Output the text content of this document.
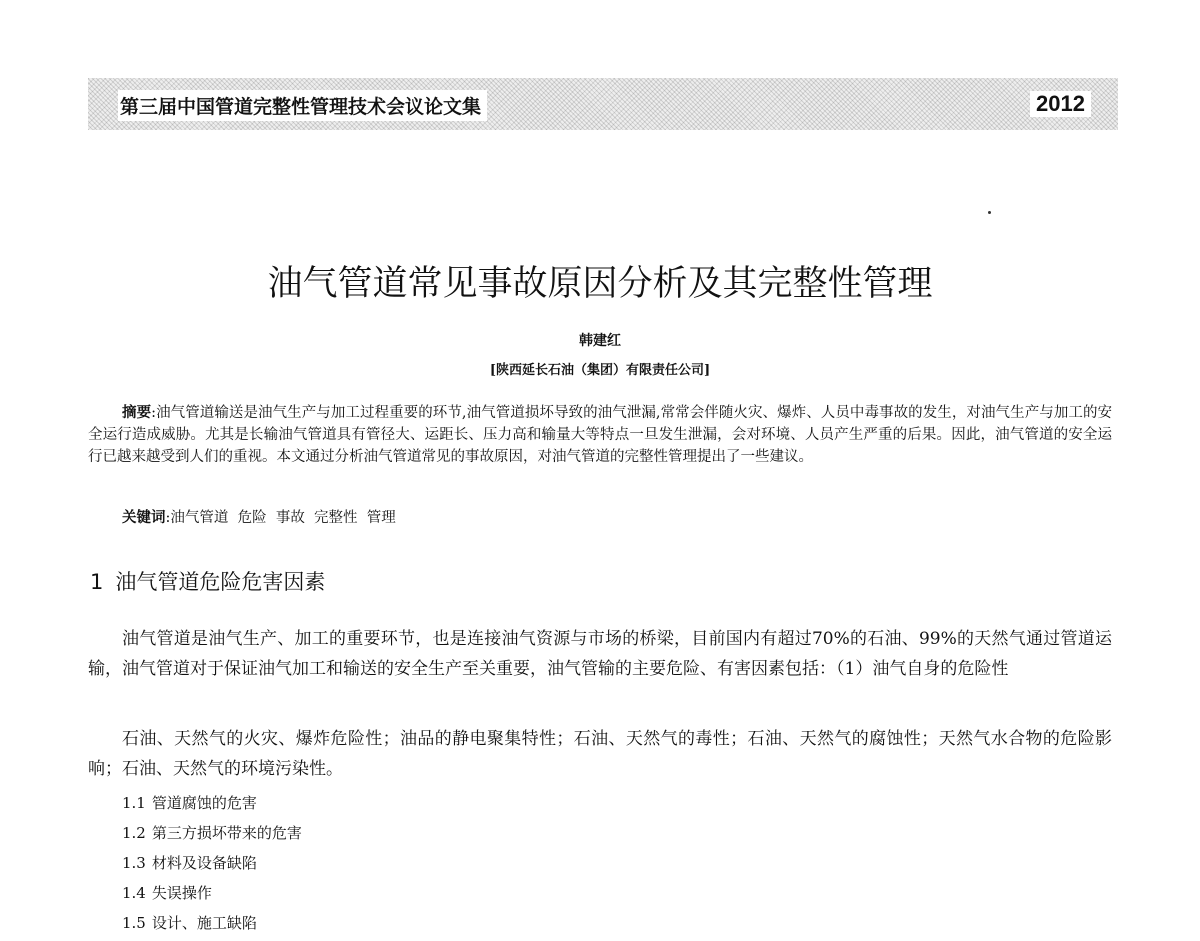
第三届中国管道完整性管理技术会议论文集	2012
油气管道常见事故原因分析及其完整性管理
韩建红
[陕西延长石油（集团）有限责任公司]

摘要:油气管道输送是油气生产与加工过程重要的环节,油气管道损坏导致的油气泄漏,常常会伴随火灾、爆炸、人员中毒事故的发生，对油气生产与加工的安全运行造成威胁。尤其是长输油气管道具有管径大、运距长、压力高和输量大等特点一旦发生泄漏，会对环境、人员产生严重的后果。因此，油气管道的安全运行已越来越受到人们的重视。本文通过分析油气管道常见的事故原因，对油气管道的完整性管理提出了一些建议。

关键词:油气管道  危险  事故  完整性  管理
1 油气管道危险危害因素

油气管道是油气生产、加工的重要环节，也是连接油气资源与市场的桥梁，目前国内有超过70%的石油、99%的天然气通过管道运输，油气管道对于保证油气加工和输送的安全生产至关重要，油气管输的主要危险、有害因素包括：（1）油气自身的危险性

石油、天然气的火灾、爆炸危险性；油品的静电聚集特性；石油、天然气的毒性；石油、天然气的腐蚀性；天然气水合物的危险影响；石油、天然气的环境污染性。

1.1 管道腐蚀的危害
1.2 第三方损坏带来的危害
1.3 材料及设备缺陷
1.4 失误操作
1.5 设计、施工缺陷
